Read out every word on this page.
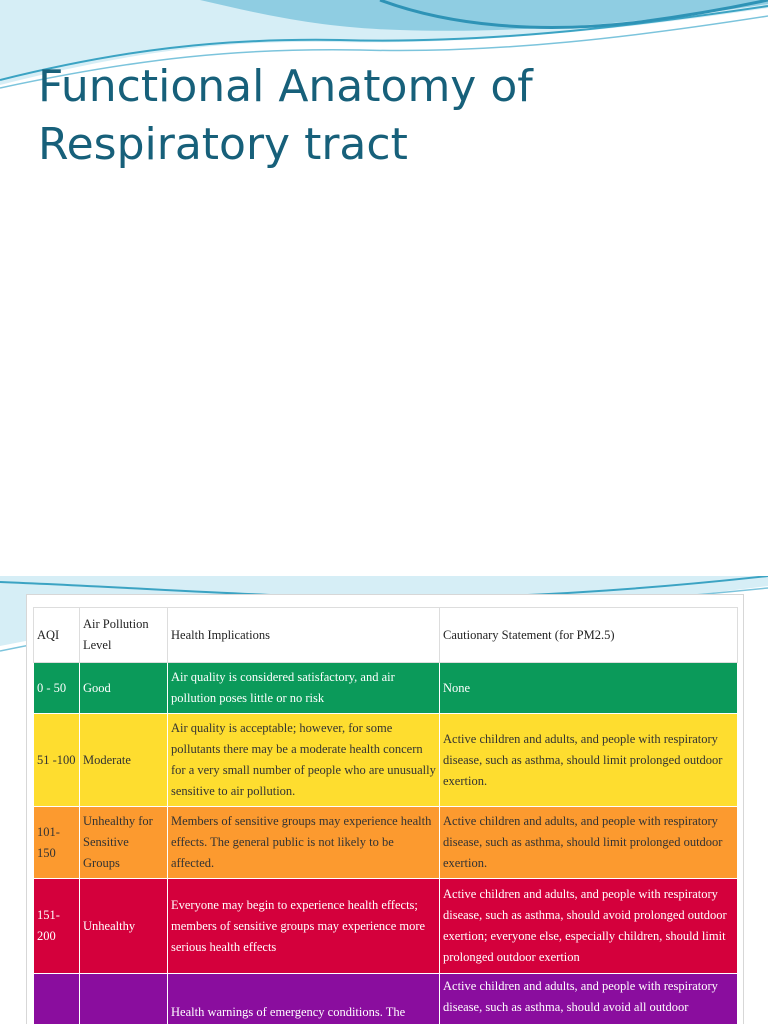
Functional Anatomy of
Respiratory tract
AQI	Air Pollution Level	Health Implications	Cautionary Statement (for PM2.5)
0 - 50	Good	Air quality is considered satisfactory, and air pollution poses little or no risk	None
51 -100	Moderate	Air quality is acceptable; however, for some pollutants there may be a moderate health concern for a very small number of people who are unusually sensitive to air pollution.	Active children and adults, and people with respiratory disease, such as asthma, should limit prolonged outdoor exertion.
101-150	Unhealthy for Sensitive Groups	Members of sensitive groups may experience health effects. The general public is not likely to be affected.	Active children and adults, and people with respiratory disease, such as asthma, should limit prolonged outdoor exertion.
151-200	Unhealthy	Everyone may begin to experience health effects; members of sensitive groups may experience more serious health effects	Active children and adults, and people with respiratory disease, such as asthma, should avoid prolonged outdoor exertion; everyone else, especially children, should limit prolonged outdoor exertion
		Health warnings of emergency conditions. The	Active children and adults, and people with respiratory disease, such as asthma, should avoid all outdoor
